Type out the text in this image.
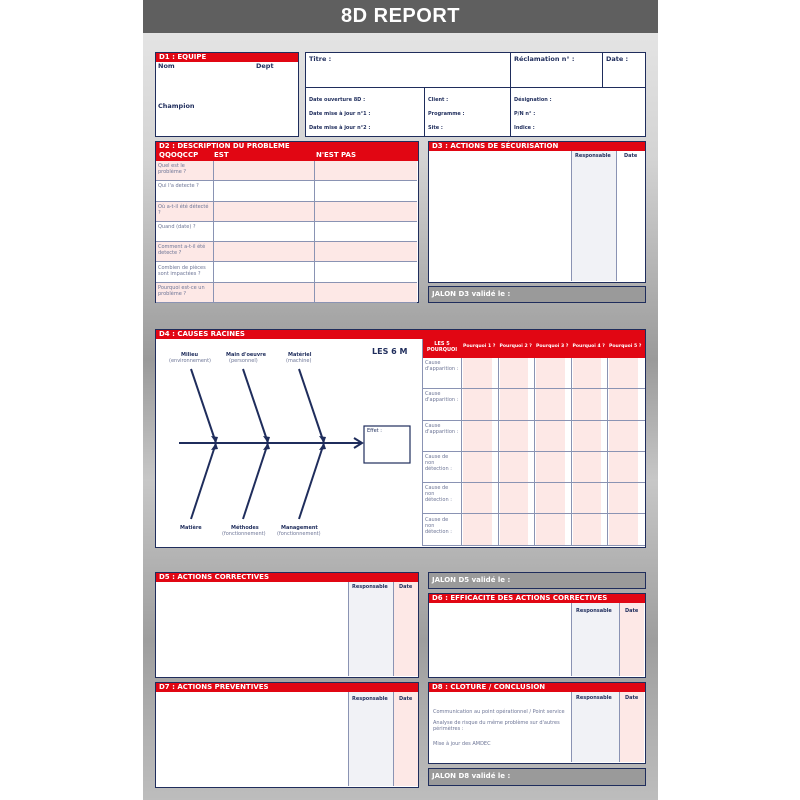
8D REPORT
D1 : EQUIPE
Nom	Dept
Champion
Titre :	Réclamation n° :	Date :
Date ouverture 8D :
Date mise à jour n°1 :
Date mise à jour n°2 :
Client :
Programme :
Site :
Désignation :
P/N n° :
Indice :
D2 : DESCRIPTION DU PROBLEME
QQOQCCP EST	N'EST PAS
Quel est le problème ?
Qui l'a detecte ?
Où a-t-il été détecté ?
Quand (date) ?
Comment a-t-il été detecte ?
Combien de pièces sont impactées ?
Pourquoi est-ce un problème ?
D3 : ACTIONS DE SÉCURISATION
Responsable	Date
JALON D3 validé le :
D4 : CAUSES RACINES
LES 6 M
Milieu
(environnement)
Main d'oeuvre
(personnel)
Matériel
(machine)
Matière	Méthodes
(fonctionnement)
Management
(fonctionnement)
Effet :
LES 5 POURQUOI
Pourquoi 1 ? Pourquoi 2 ? Pourquoi 3 ? Pourquoi 4 ? Pourquoi 5 ?
Cause d'apparition :
Cause d'apparition :
Cause d'apparition :
Cause de non détection :
Cause de non détection :
Cause de non détection :
D5 : ACTIONS CORRECTIVES
Responsable Date
JALON D5 validé le :
D6 : EFFICACITE DES ACTIONS CORRECTIVES
Responsable	Date
D7 : ACTIONS PREVENTIVES
Responsable Date
D8 : CLOTURE / CONCLUSION
Responsable	Date
Communication au point opérationnel / Point service
Analyse de risque du même problème sur d'autres périmètres :
Mise à jour des AMDEC
JALON D8 validé le :
